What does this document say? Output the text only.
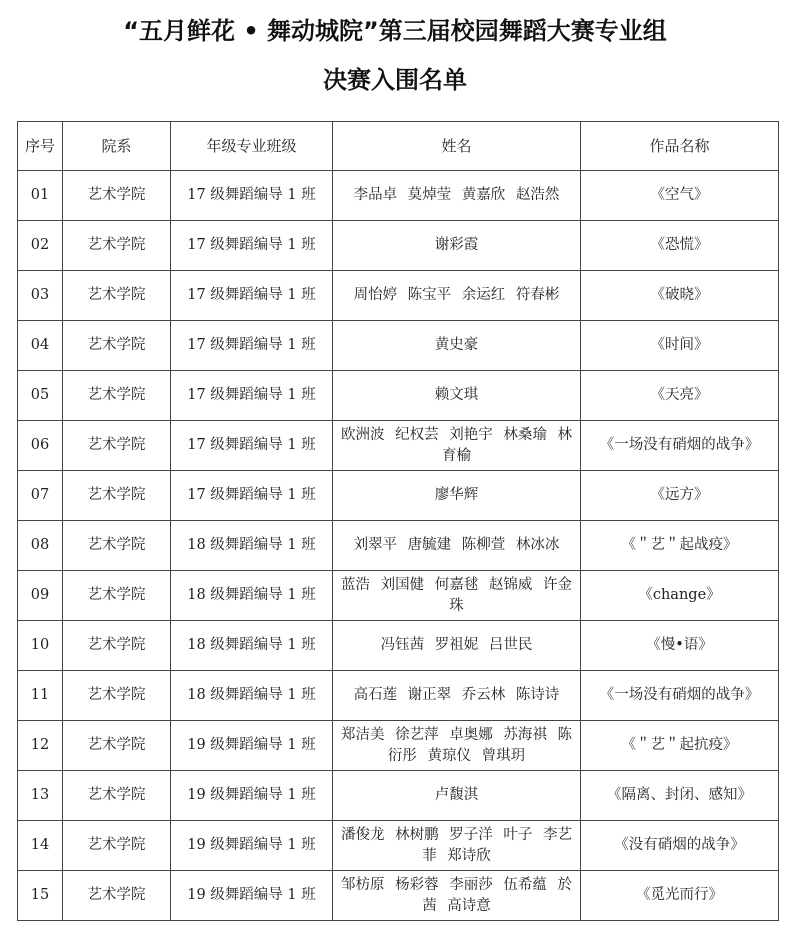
“五月鲜花 • 舞动城院”第三届校园舞蹈大赛专业组
决赛入围名单
序号	院系	年级专业班级	姓名	作品名称
01	艺术学院	17 级舞蹈编导 1 班	李品卓 莫焯莹 黄嘉欣 赵浩然	《空气》
02	艺术学院	17 级舞蹈编导 1 班	谢彩霞	《恐慌》
03	艺术学院	17 级舞蹈编导 1 班	周怡婷 陈宝平 余运红 符春彬	《破晓》
04	艺术学院	17 级舞蹈编导 1 班	黄史豪	《时间》
05	艺术学院	17 级舞蹈编导 1 班	赖文琪	《天亮》
06	艺术学院	17 级舞蹈编导 1 班	欧洲波 纪权芸 刘艳宇 林桑瑜 林育榆	《一场没有硝烟的战争》
07	艺术学院	17 级舞蹈编导 1 班	廖华辉	《远方》
08	艺术学院	18 级舞蹈编导 1 班	刘翠平 唐毓建 陈柳萱 林冰冰	《＂艺＂起战疫》
09	艺术学院	18 级舞蹈编导 1 班	蓝浩 刘国健 何嘉毬 赵锦威 许金珠	《change》
10	艺术学院	18 级舞蹈编导 1 班	冯钰茜 罗祖妮 吕世民	《慢•语》
11	艺术学院	18 级舞蹈编导 1 班	高石莲 谢正翠 乔云林 陈诗诗	《一场没有硝烟的战争》
12	艺术学院	19 级舞蹈编导 1 班	郑洁美 徐艺萍 卓奥娜 苏海祺 陈衍彤 黄琼仪 曾琪玥	《＂艺＂起抗疫》
13	艺术学院	19 级舞蹈编导 1 班	卢馥淇	《隔离、封闭、感知》
14	艺术学院	19 级舞蹈编导 1 班	潘俊龙 林树鹏 罗子洋 叶子 李艺菲 郑诗欣	《没有硝烟的战争》
15	艺术学院	19 级舞蹈编导 1 班	邹枋原 杨彩蓉 李丽莎 伍希蕴 於茜 高诗意	《觅光而行》
